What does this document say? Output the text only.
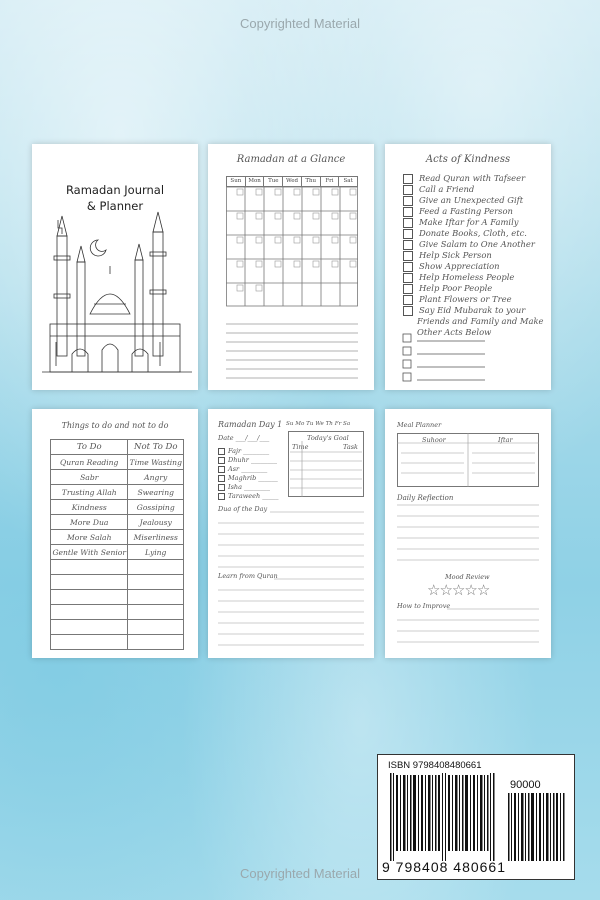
Copyrighted Material
Ramadan Journal
& Planner
Ramadan at a Glance
Sun	Mon	Tue	Wed	Thu	Fri	Sat
Acts of Kindness
Read Quran with Tafseer
Call a Friend
Give an Unexpected Gift
Feed a Fasting Person
Make Iftar for A Family
Donate Books, Cloth, etc.
Give Salam to One Another
Help Sick Person
Show Appreciation
Help Homeless People
Help Poor People
Plant Flowers or Tree
Say Eid Mubarak to your
Friends and Family and Make
Other Acts Below
Things to do and not to do
To Do	Not To Do
Quran Reading	Time Wasting
Sabr	Angry
Trusting Allah	Swearing
Kindness	Gossiping
More Dua	Jealousy
More Salah	Miserliness
Gentle With Senior	Lying

Ramadan Day 1 Su Mo Tu We Th Fr Sa
Date ___/___/___
Fajr ________
Dhuhr ________
Asr ________
Maghrib ______
Isha ________
Taraweeh _____
Today's Goal
Time	Task
Dua of the Day
Learn from Quran
Meal Planner
Suhoor	Iftar
Daily Reflection
Mood Review
☆☆☆☆☆
How to Improve
ISBN 9798408480661
90000
9 798408 480661
Copyrighted Material
